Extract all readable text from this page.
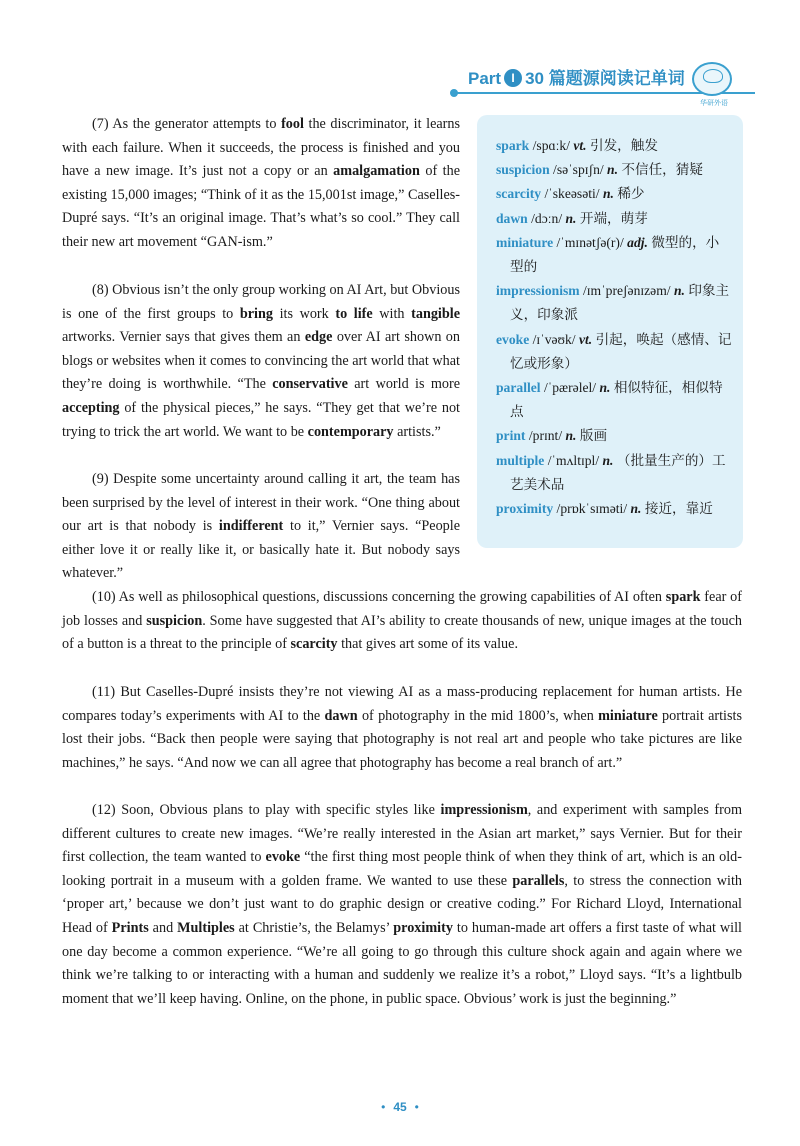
Part I 30 篇题源阅读记单词
华研外语

(7) As the generator attempts to fool the discriminator, it learns with each failure. When it succeeds, the process is finished and you have a new image. It’s just not a copy or an amalgamation of the existing 15,000 images; “Think of it as the 15,001st image,” Caselles-Dupré says. “It’s an original image. That’s what’s so cool.” They call their new art movement “GAN-ism.”

(8) Obvious isn’t the only group working on AI Art, but Obvious is one of the first groups to bring its work to life with tangible artworks. Vernier says that gives them an edge over AI art shown on blogs or websites when it comes to convincing the art world that what they’re doing is worthwhile. “The conservative art world is more accepting of the physical pieces,” he says. “They get that we’re not trying to trick the art world. We want to be contemporary artists.”

(9) Despite some uncertainty around calling it art, the team has been surprised by the level of interest in their work. “One thing about our art is that nobody is indifferent to it,” Vernier says. “People either love it or really like it, or basically hate it. But nobody says whatever.”

spark /spɑːk/ vt. 引发，触发

suspicion /səˈspɪʃn/ n. 不信任，猜疑

scarcity /ˈskeəsəti/ n. 稀少

dawn /dɔːn/ n. 开端，萌芽

miniature /ˈmɪnətʃə(r)/ adj. 微型的，小型的

impressionism /ɪmˈpreʃənɪzəm/ n. 印象主义，印象派

evoke /ɪˈvəʊk/ vt. 引起，唤起（感情、记忆或形象）

parallel /ˈpærəlel/ n. 相似特征，相似特点

print /prɪnt/ n. 版画

multiple /ˈmʌltɪpl/ n. （批量生产的）工艺美术品

proximity /prɒkˈsɪməti/ n. 接近，靠近

(10) As well as philosophical questions, discussions concerning the growing capabilities of AI often spark fear of job losses and suspicion. Some have suggested that AI’s ability to create thousands of new, unique images at the touch of a button is a threat to the principle of scarcity that gives art some of its value.

(11) But Caselles-Dupré insists they’re not viewing AI as a mass-producing replacement for human artists. He compares today’s experiments with AI to the dawn of photography in the mid 1800’s, when miniature portrait artists lost their jobs. “Back then people were saying that photography is not real art and people who take pictures are like machines,” he says. “And now we can all agree that photography has become a real branch of art.”

(12) Soon, Obvious plans to play with specific styles like impressionism, and experiment with samples from different cultures to create new images. “We’re really interested in the Asian art market,” says Vernier. But for their first collection, the team wanted to evoke “the first thing most people think of when they think of art, which is an old-looking portrait in a museum with a golden frame. We wanted to use these parallels, to stress the connection with ‘proper art,’ because we don’t just want to do graphic design or creative coding.” For Richard Lloyd, International Head of Prints and Multiples at Christie’s, the Belamys’ proximity to human-made art offers a first taste of what will one day become a common experience. “We’re all going to go through this culture shock again and again where we think we’re talking to or interacting with a human and suddenly we realize it’s a robot,” Lloyd says. “It’s a lightbulb moment that we’ll keep having. Online, on the phone, in public space. Obvious’ work is just the beginning.”

• 45 •
